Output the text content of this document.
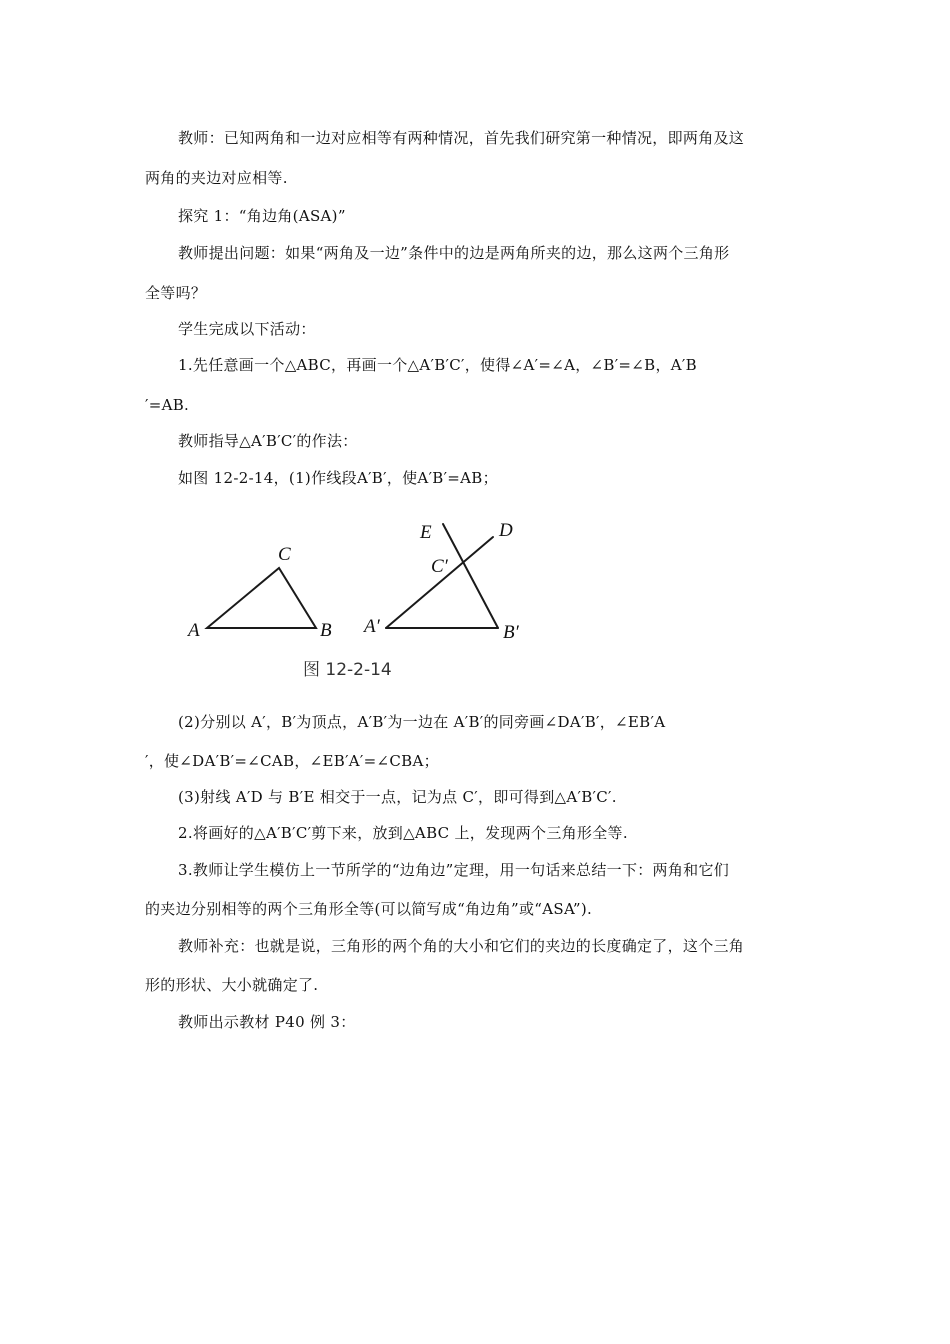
教师：已知两角和一边对应相等有两种情况，首先我们研究第一种情况，即两角及这
两角的夹边对应相等.
探究 1：“角边角(ASA)”
教师提出问题：如果“两角及一边”条件中的边是两角所夹的边，那么这两个三角形
全等吗？
学生完成以下活动：
1.先任意画一个△ABC，再画一个△A′B′C′，使得∠A′=∠A，∠B′=∠B，A′B
′=AB.
教师指导△A′B′C′的作法：
如图 12-2-14，(1)作线段A′B′，使A′B′=AB；
A	B
C
A′	B′
C′
D
E
图 12-2-14
(2)分别以 A′，B′为顶点，A′B′为一边在 A′B′的同旁画∠DA′B′，∠EB′A
′，使∠DA′B′=∠CAB，∠EB′A′=∠CBA；
(3)射线 A′D 与 B′E 相交于一点，记为点 C′，即可得到△A′B′C′.
2.将画好的△A′B′C′剪下来，放到△ABC 上，发现两个三角形全等.
3.教师让学生模仿上一节所学的“边角边”定理，用一句话来总结一下：两角和它们
的夹边分别相等的两个三角形全等(可以简写成“角边角”或“ASA”).
教师补充：也就是说，三角形的两个角的大小和它们的夹边的长度确定了，这个三角
形的形状、大小就确定了.
教师出示教材 P40 例 3：
